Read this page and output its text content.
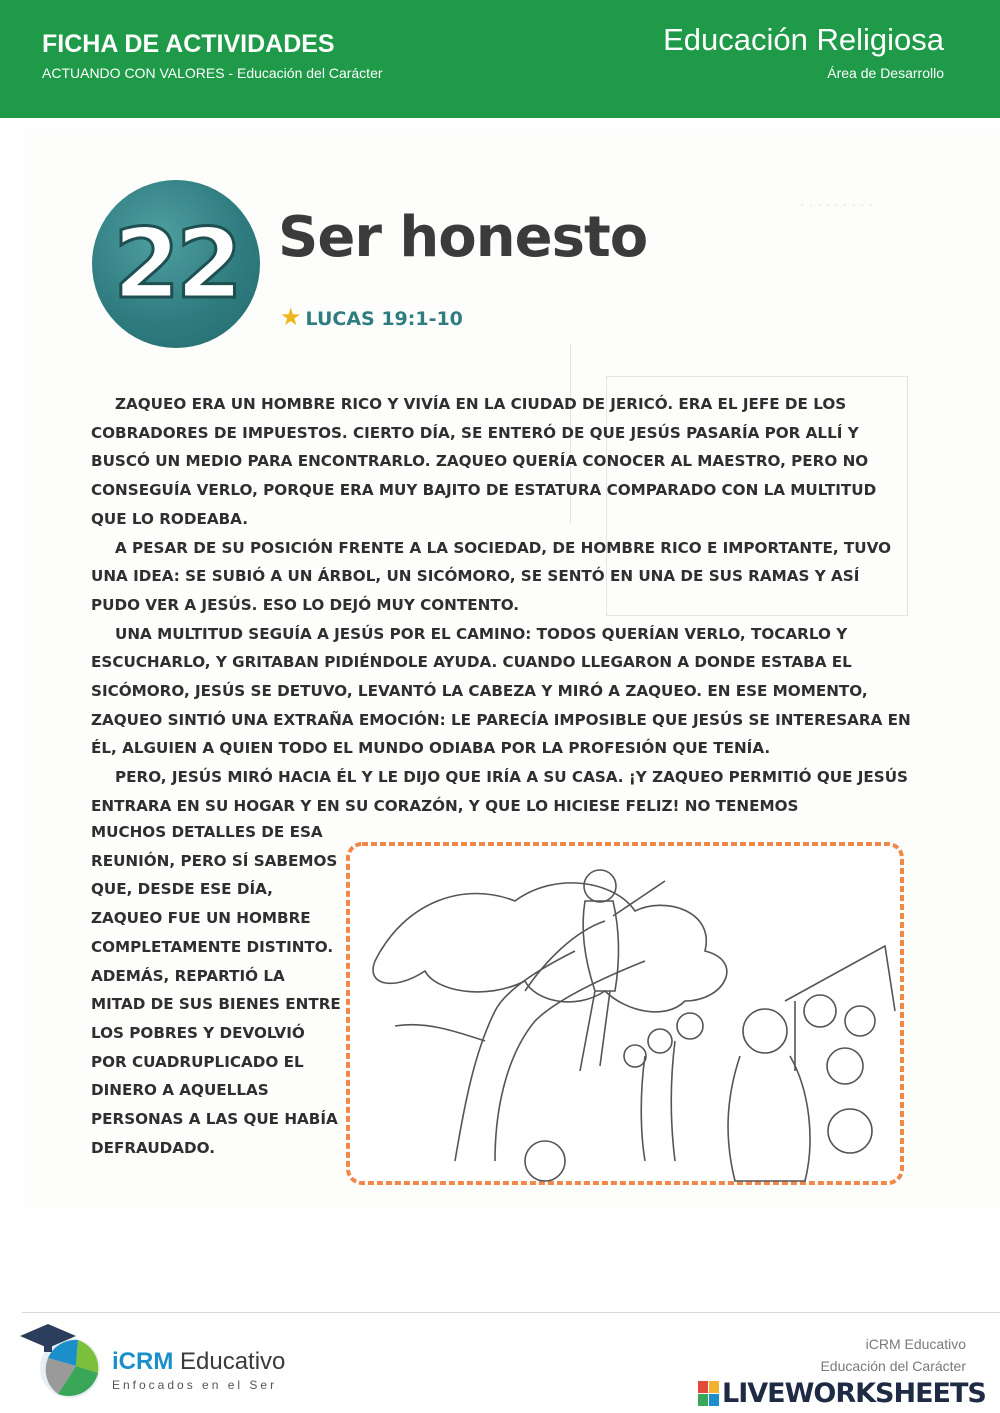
FICHA DE ACTIVIDADES
ACTUANDO CON VALORES - Educación del Carácter
Educación Religiosa
Área de Desarrollo
· · · · · · · · ·
22 Ser honesto
★ LUCAS 19:1-10

ZAQUEO ERA UN HOMBRE RICO Y VIVÍA EN LA CIUDAD DE JERICÓ. ERA EL JEFE DE LOS COBRADORES DE IMPUESTOS. CIERTO DÍA, SE ENTERÓ DE QUE JESÚS PASARÍA POR ALLÍ Y BUSCÓ UN MEDIO PARA ENCONTRARLO. ZAQUEO QUERÍA CONOCER AL MAESTRO, PERO NO CONSEGUÍA VERLO, PORQUE ERA MUY BAJITO DE ESTATURA COMPARADO CON LA MULTITUD QUE LO RODEABA.

A PESAR DE SU POSICIÓN FRENTE A LA SOCIEDAD, DE HOMBRE RICO E IMPORTANTE, TUVO UNA IDEA: SE SUBIÓ A UN ÁRBOL, UN SICÓMORO, SE SENTÓ EN UNA DE SUS RAMAS Y ASÍ PUDO VER A JESÚS. ESO LO DEJÓ MUY CONTENTO.

UNA MULTITUD SEGUÍA A JESÚS POR EL CAMINO: TODOS QUERÍAN VERLO, TOCARLO Y ESCUCHARLO, Y GRITABAN PIDIÉNDOLE AYUDA. CUANDO LLEGARON A DONDE ESTABA EL SICÓMORO, JESÚS SE DETUVO, LEVANTÓ LA CABEZA Y MIRÓ A ZAQUEO. EN ESE MOMENTO, ZAQUEO SINTIÓ UNA EXTRAÑA EMOCIÓN: LE PARECÍA IMPOSIBLE QUE JESÚS SE INTERESARA EN ÉL, ALGUIEN A QUIEN TODO EL MUNDO ODIABA POR LA PROFESIÓN QUE TENÍA.

PERO, JESÚS MIRÓ HACIA ÉL Y LE DIJO QUE IRÍA A SU CASA. ¡Y ZAQUEO PERMITIÓ QUE JESÚS ENTRARA EN SU HOGAR Y EN SU CORAZÓN, Y QUE LO HICIESE FELIZ! NO TENEMOS

MUCHOS DETALLES DE ESA REUNIÓN, PERO SÍ SABEMOS QUE, DESDE ESE DÍA, ZAQUEO FUE UN HOMBRE COMPLETAMENTE DISTINTO. ADEMÁS, REPARTIÓ LA MITAD DE SUS BIENES ENTRE LOS POBRES Y DEVOLVIÓ POR CUADRUPLICADO EL DINERO A AQUELLAS PERSONAS A LAS QUE HABÍA DEFRAUDADO.
iCRM Educativo
Enfocados en el Ser
iCRM Educativo
Educación del Carácter
LIVEWORKSHEETS
